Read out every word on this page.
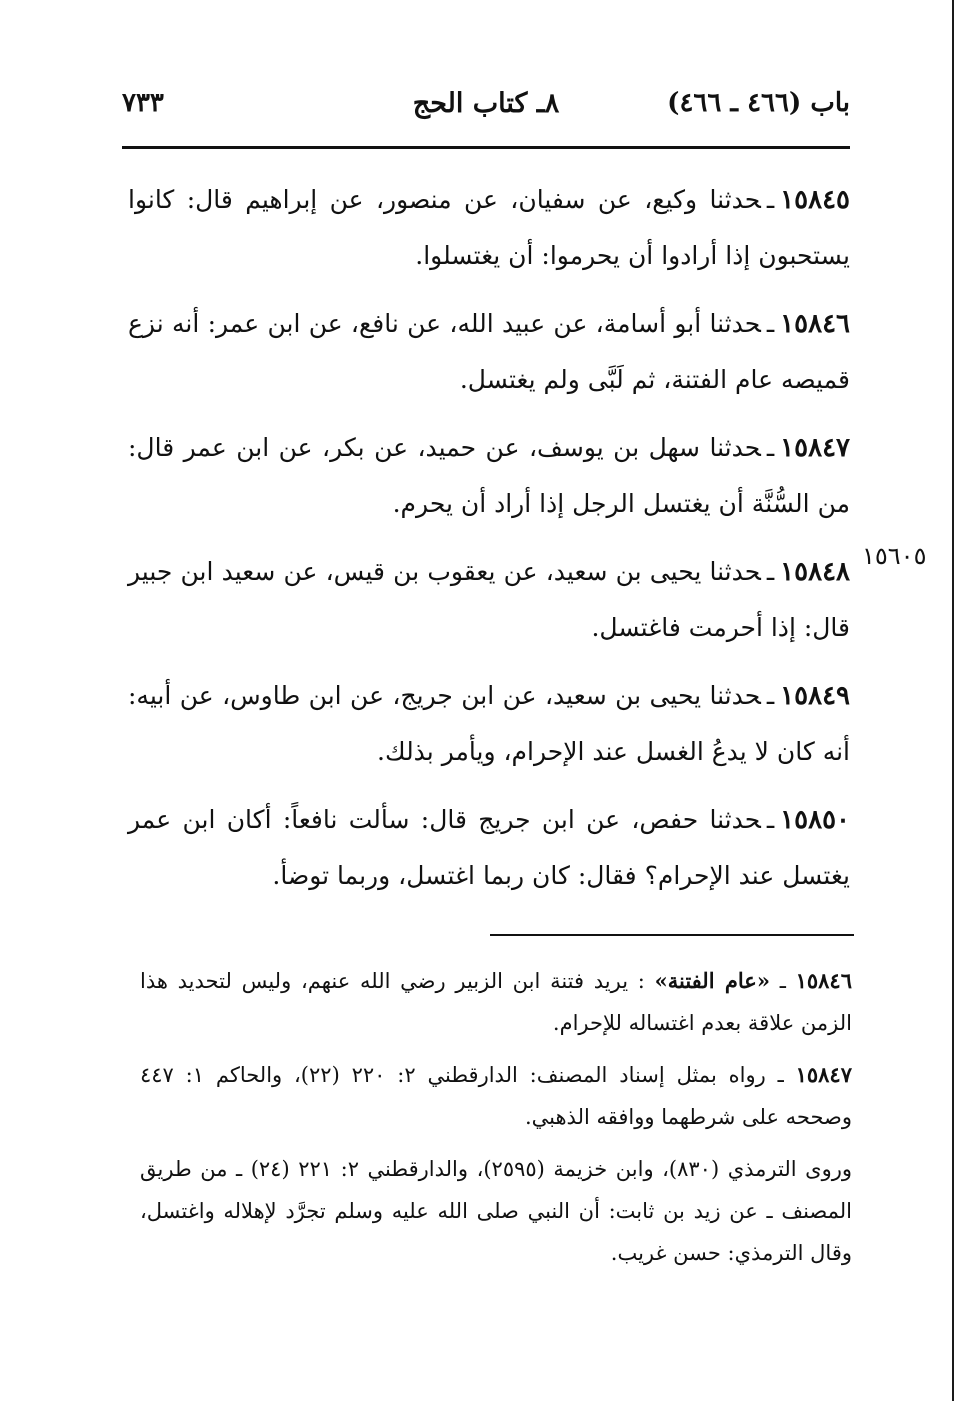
باب (٤٦٦ ـ ٤٦٦)
٨ـ كتاب الحج
٧٣٣
١٥٨٤٥ـحدثنا وكيع، عن سفيان، عن منصور، عن إبراهيم قال: كانوا يستحبون إذا أرادوا أن يحرموا: أن يغتسلوا.
١٥٨٤٦ـحدثنا أبو أسامة، عن عبيد الله، عن نافع، عن ابن عمر: أنه نزع قميصه عام الفتنة، ثم لَبَّى ولم يغتسل.
١٥٨٤٧ـحدثنا سهل بن يوسف، عن حميد، عن بكر، عن ابن عمر قال: من السُّنَّة أن يغتسل الرجل إذا أراد أن يحرم.
١٥٨٤٨ـحدثنا يحيى بن سعيد، عن يعقوب بن قيس، عن سعيد ابن جبير قال: إذا أحرمت فاغتسل.
١٥٨٤٩ـحدثنا يحيى بن سعيد، عن ابن جريج، عن ابن طاوس، عن أبيه: أنه كان لا يدعُ الغسل عند الإحرام، ويأمر بذلك.
١٥٨٥٠ـحدثنا حفص، عن ابن جريج قال: سألت نافعاً: أكان ابن عمر يغتسل عند الإحرام؟ فقال: كان ربما اغتسل، وربما توضأ.
١٥٦٠٥
١٥٨٤٦ ـ «عام الفتنة» : يريد فتنة ابن الزبير رضي الله عنهم، وليس لتحديد هذا الزمن علاقة بعدم اغتساله للإحرام.
١٥٨٤٧ ـ رواه بمثل إسناد المصنف: الدارقطني ٢: ٢٢٠ (٢٢)، والحاكم ١: ٤٤٧ وصححه على شرطهما ووافقه الذهبي.
وروى الترمذي (٨٣٠)، وابن خزيمة (٢٥٩٥)، والدارقطني ٢: ٢٢١ (٢٤) ـ من طريق المصنف ـ عن زيد بن ثابت: أن النبي صلى الله عليه وسلم تجرَّد لإهلاله واغتسل، وقال الترمذي: حسن غريب.
